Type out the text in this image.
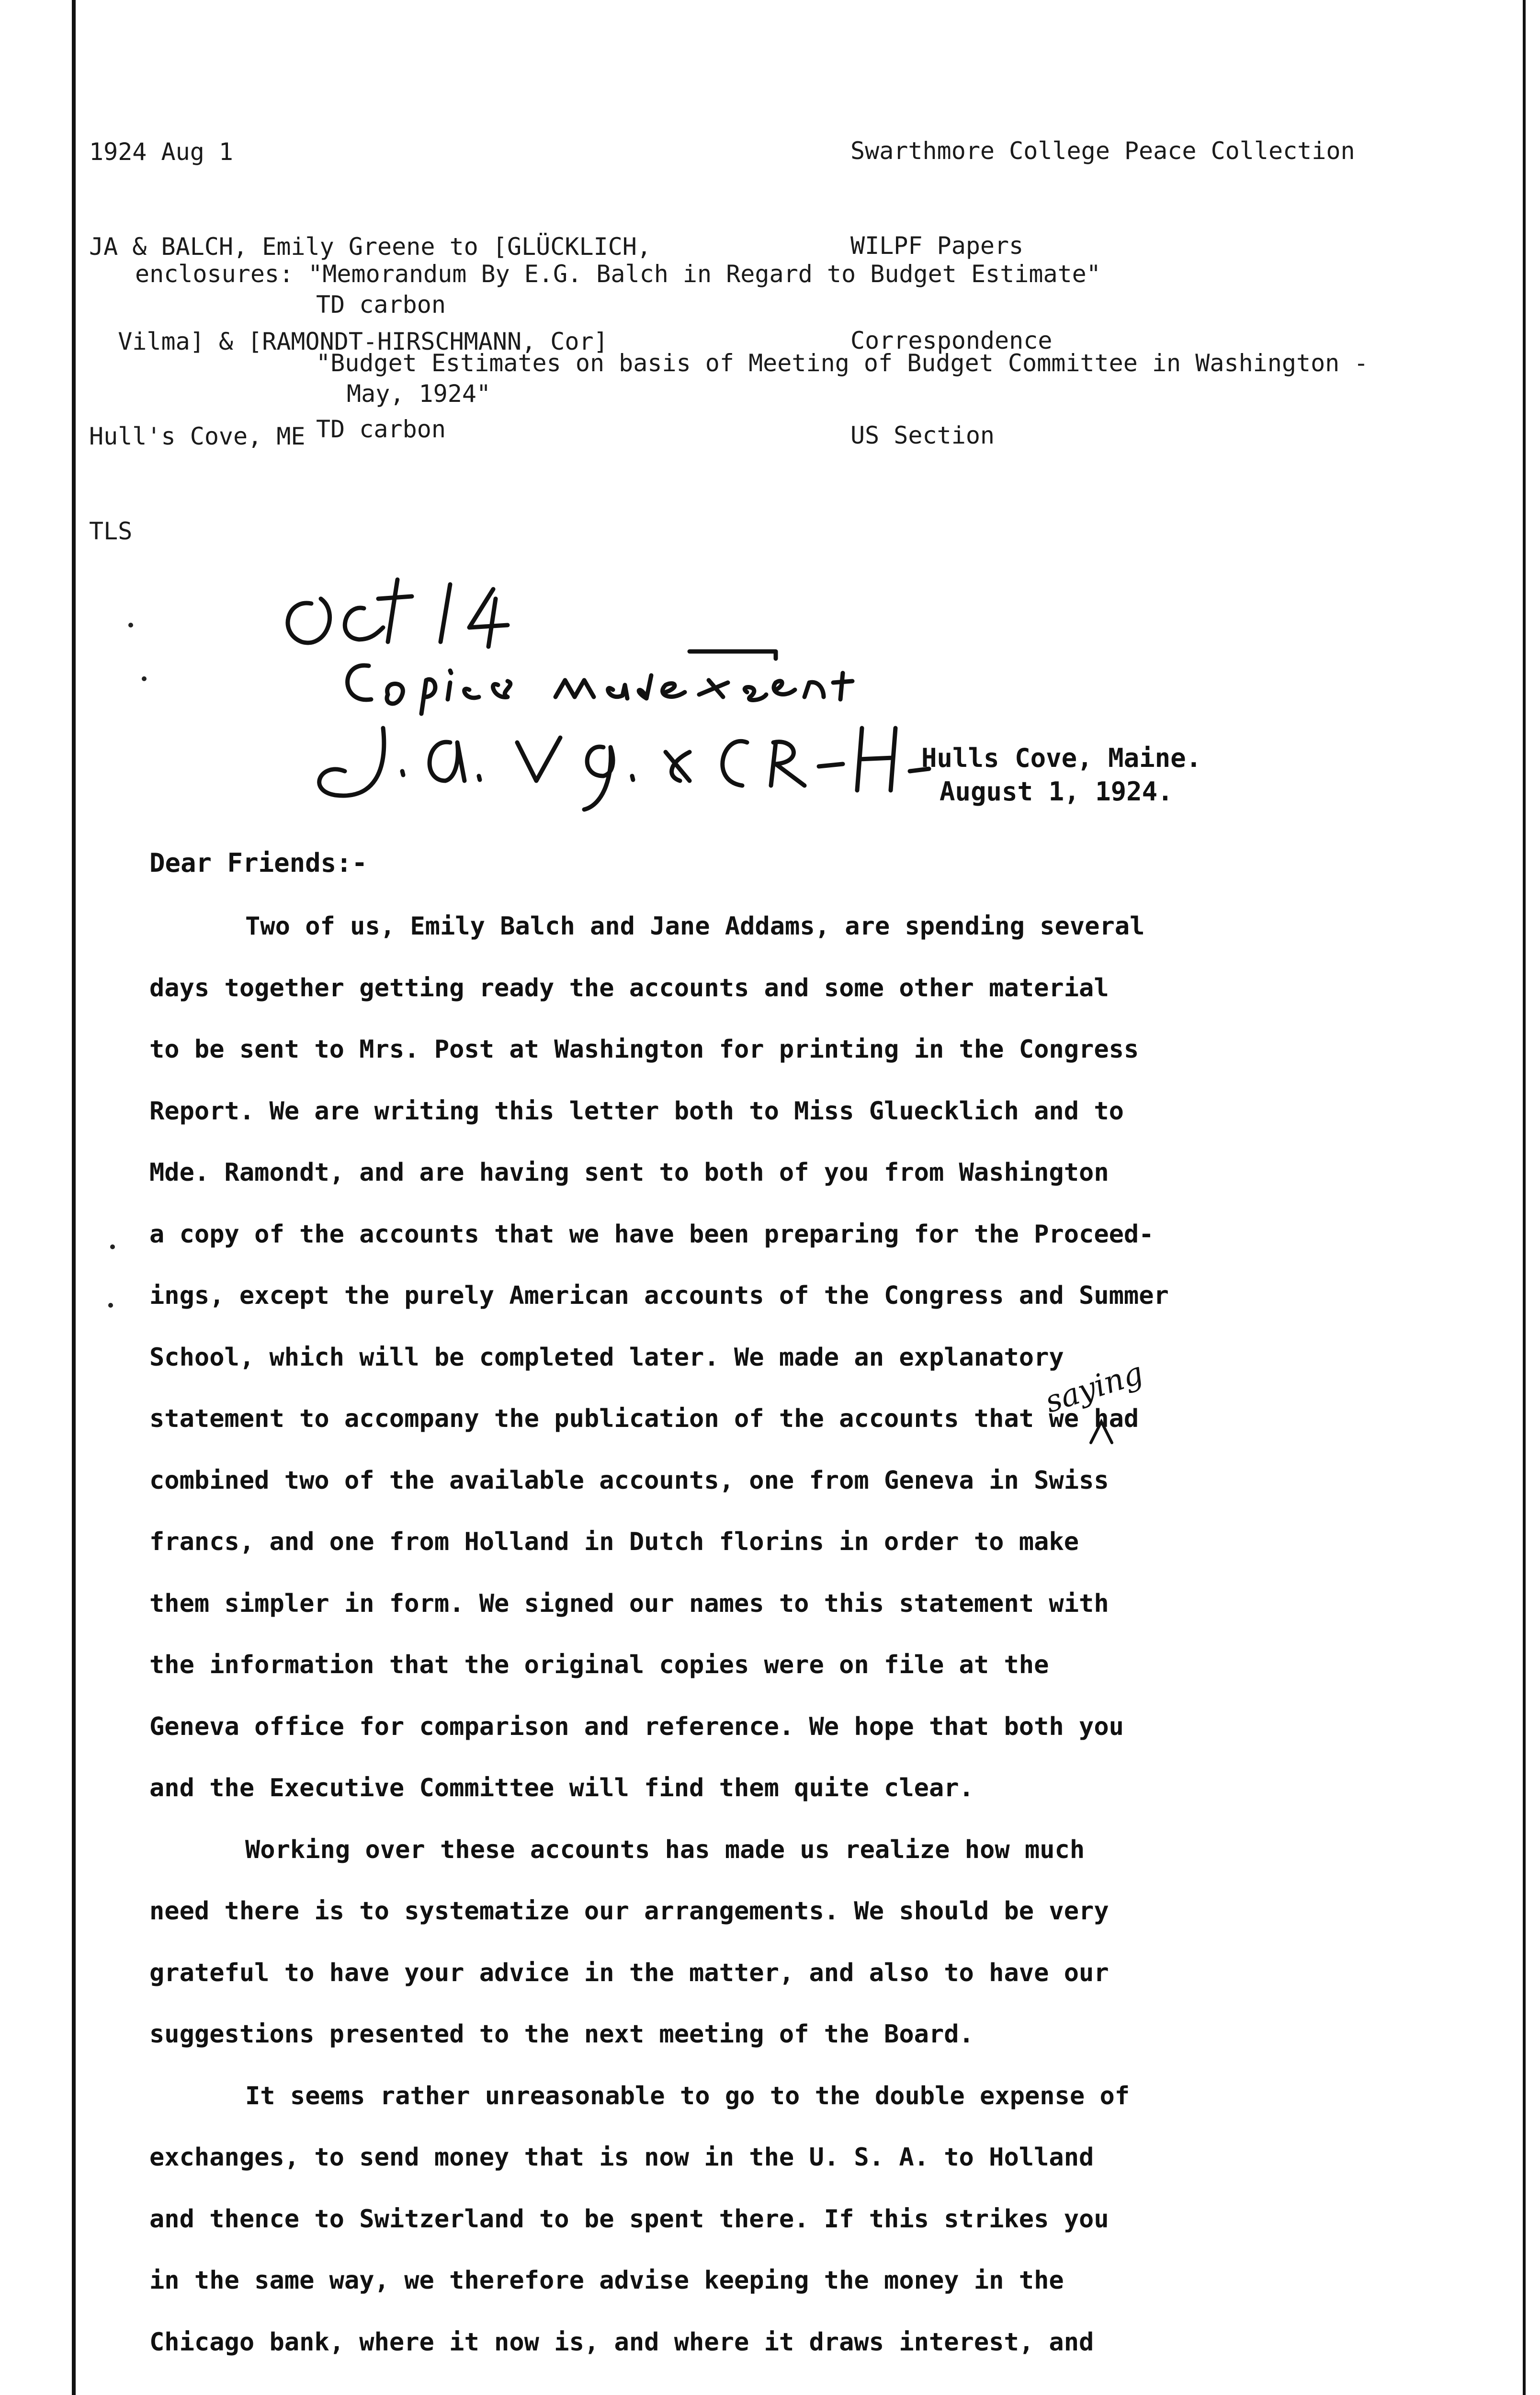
1924 Aug 1

JA & BALCH, Emily Greene to [GLÜCKLICH,

Vilma] & [RAMONDT-HIRSCHMANN, Cor]

Hull's Cove, ME

TLS

Swarthmore College Peace Collection

WILPF Papers

Correspondence

US Section

enclosures: "Memorandum By E.G. Balch in Regard to Budget Estimate"
TD carbon
"Budget Estimates on basis of Meeting of Budget Committee in Washington -
May, 1924"
TD carbon
Hulls Cove, Maine.
August 1, 1924.
Dear Friends:-
Two of us, Emily Balch and Jane Addams, are spending several
days together getting ready the accounts and some other material
to be sent to Mrs. Post at Washington for printing in the Congress
Report. We are writing this letter both to Miss Gluecklich and to
Mde. Ramondt, and are having sent to both of you from Washington
a copy of the accounts that we have been preparing for the Proceed-
ings, except the purely American accounts of the Congress and Summer
School, which will be completed later. We made an explanatory
statement to accompany the publication of the accounts that we had
combined two of the available accounts, one from Geneva in Swiss
francs, and one from Holland in Dutch florins in order to make
them simpler in form. We signed our names to this statement with
the information that the original copies were on file at the
Geneva office for comparison and reference. We hope that both you
and the Executive Committee will find them quite clear.
Working over these accounts has made us realize how much
need there is to systematize our arrangements. We should be very
grateful to have your advice in the matter, and also to have our
suggestions presented to the next meeting of the Board.
It seems rather unreasonable to go to the double expense of
exchanges, to send money that is now in the U. S. A. to Holland
and thence to Switzerland to be spent there. If this strikes you
in the same way, we therefore advise keeping the money in the
Chicago bank, where it now is, and where it draws interest, and
saying
